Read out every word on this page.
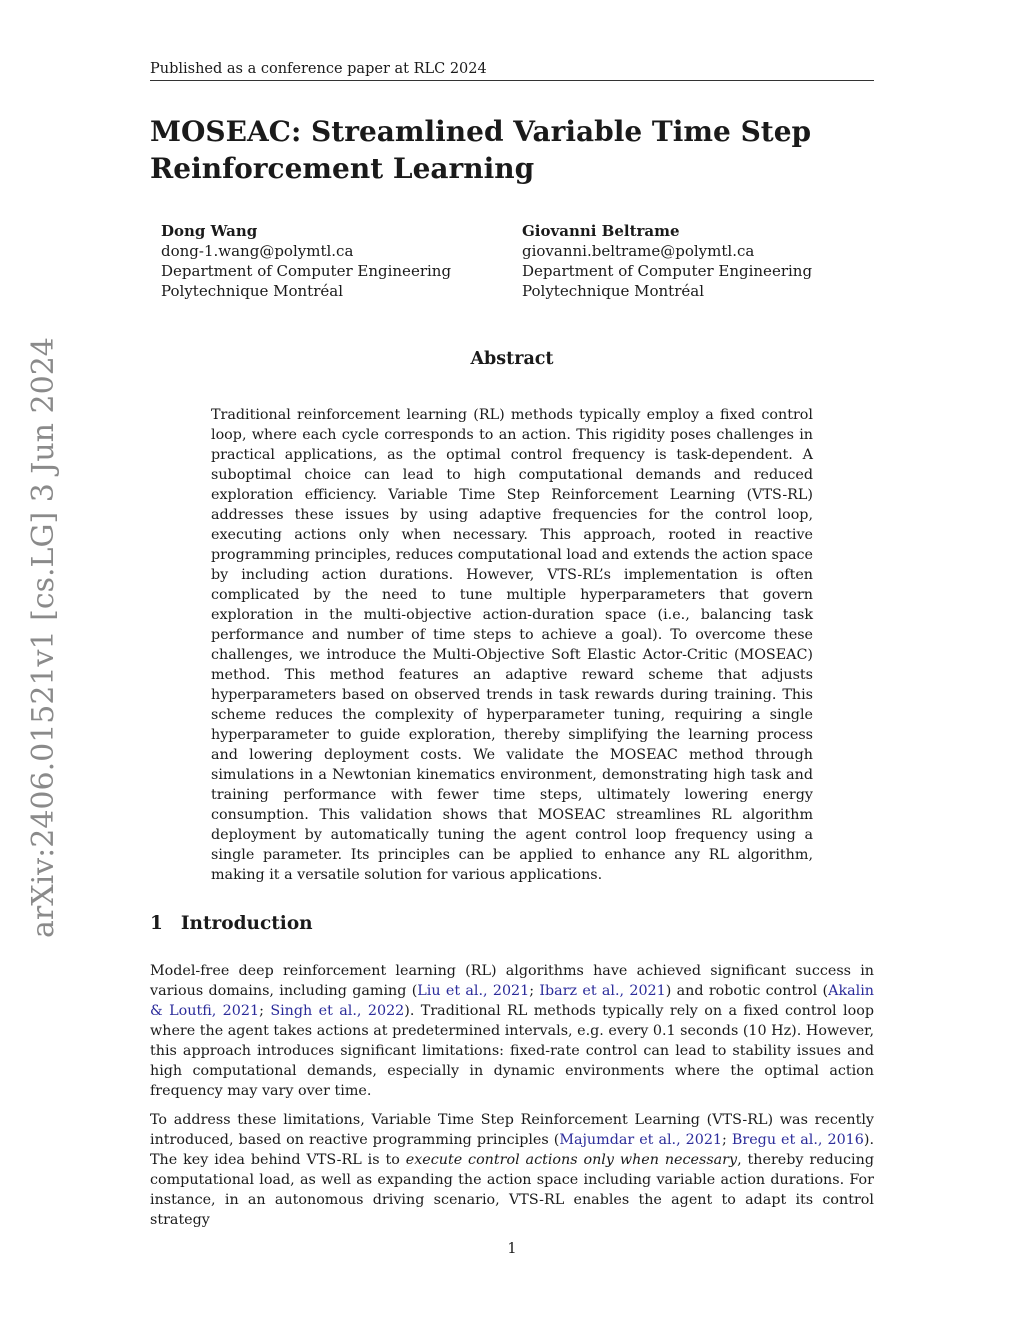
Published as a conference paper at RLC 2024
MOSEAC: Streamlined Variable Time Step Reinforcement Learning
Dong Wang
dong-1.wang@polymtl.ca
Department of Computer Engineering
Polytechnique Montréal
Giovanni Beltrame
giovanni.beltrame@polymtl.ca
Department of Computer Engineering
Polytechnique Montréal
Abstract

Traditional reinforcement learning (RL) methods typically employ a fixed control loop, where each cycle corresponds to an action. This rigidity poses challenges in practical applications, as the optimal control frequency is task-dependent. A suboptimal choice can lead to high computational demands and reduced exploration efficiency. Variable Time Step Reinforcement Learning (VTS-RL) addresses these issues by using adaptive frequencies for the control loop, executing actions only when necessary. This approach, rooted in reactive programming principles, reduces computational load and extends the action space by including action durations. However, VTS-RL’s implementation is often complicated by the need to tune multiple hyperparameters that govern exploration in the multi-objective action-duration space (i.e., balancing task performance and number of time steps to achieve a goal). To overcome these challenges, we introduce the Multi-Objective Soft Elastic Actor-Critic (MOSEAC) method. This method features an adaptive reward scheme that adjusts hyperparameters based on observed trends in task rewards during training. This scheme reduces the complexity of hyperparameter tuning, requiring a single hyperparameter to guide exploration, thereby simplifying the learning process and lowering deployment costs. We validate the MOSEAC method through simulations in a Newtonian kinematics environment, demonstrating high task and training performance with fewer time steps, ultimately lowering energy consumption. This validation shows that MOSEAC streamlines RL algorithm deployment by automatically tuning the agent control loop frequency using a single parameter. Its principles can be applied to enhance any RL algorithm, making it a versatile solution for various applications.

arXiv:2406.01521v1 [cs.LG] 3 Jun 2024	1 Introduction

Model-free deep reinforcement learning (RL) algorithms have achieved significant success in various domains, including gaming (Liu et al., 2021; Ibarz et al., 2021) and robotic control (Akalin & Loutfi, 2021; Singh et al., 2022). Traditional RL methods typically rely on a fixed control loop where the agent takes actions at predetermined intervals, e.g. every 0.1 seconds (10 Hz). However, this approach introduces significant limitations: fixed-rate control can lead to stability issues and high computational demands, especially in dynamic environments where the optimal action frequency may vary over time.

To address these limitations, Variable Time Step Reinforcement Learning (VTS-RL) was recently introduced, based on reactive programming principles (Majumdar et al., 2021; Bregu et al., 2016). The key idea behind VTS-RL is to execute control actions only when necessary, thereby reducing computational load, as well as expanding the action space including variable action durations. For instance, in an autonomous driving scenario, VTS-RL enables the agent to adapt its control strategy

1
